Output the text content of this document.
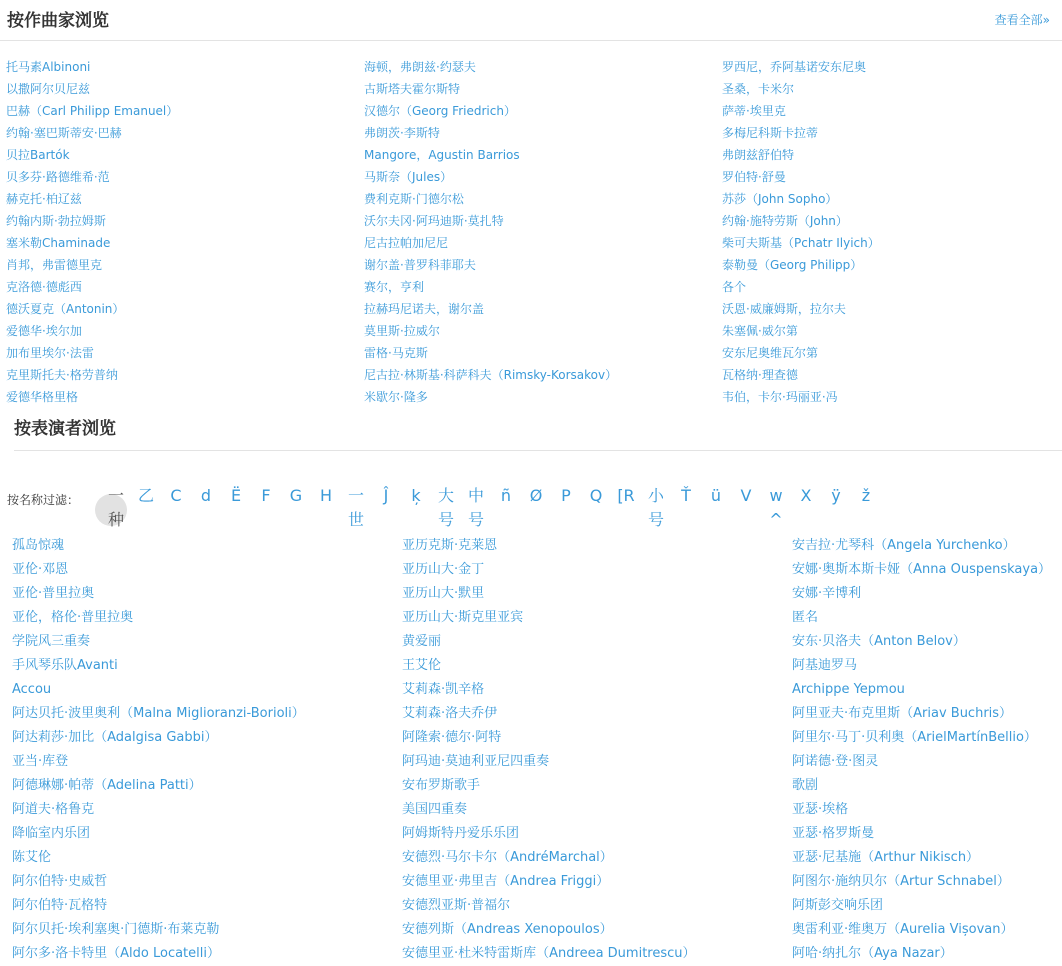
按作曲家浏览	查看全部»
托马素Albinoni	海顿，弗朗兹·约瑟夫	罗西尼，乔阿基诺安东尼奥
以撒阿尔贝尼兹	古斯塔夫霍尔斯特	圣桑，卡米尔
巴赫（Carl Philipp Emanuel）	汉德尔（Georg Friedrich）	萨蒂·埃里克
约翰·塞巴斯蒂安·巴赫	弗朗茨·李斯特	多梅尼科斯卡拉蒂
贝拉Bartók	Mangore，Agustin Barrios	弗朗兹舒伯特
贝多芬·路德维希·范	马斯奈（Jules）	罗伯特·舒曼
赫克托·柏辽兹	费利克斯·门德尔松	苏莎（John Sopho）
约翰内斯·勃拉姆斯	沃尔夫冈·阿玛迪斯·莫扎特	约翰·施特劳斯（John）
塞米勒Chaminade	尼古拉帕加尼尼	柴可夫斯基（Pchatr Ilyich）
肖邦，弗雷德里克	谢尔盖·普罗科菲耶夫	泰勒曼（Georg Philipp）
克洛德·德彪西	赛尔，亨利	各个
德沃夏克（Antonin）	拉赫玛尼诺夫，谢尔盖	沃恩·威廉姆斯，拉尔夫
爱德华·埃尔加	莫里斯·拉威尔	朱塞佩·威尔第
加布里埃尔·法雷	雷格·马克斯	安东尼奥维瓦尔第
克里斯托夫·格劳普纳	尼古拉·林斯基·科萨科夫（Rimsky-Korsakov）	瓦格纳·理查德
爱德华格里格	米歇尔·隆多	韦伯，卡尔·玛丽亚·冯
按表演者浏览
按名称过滤：	一
种
乙	C	d	Ë	F	G	H 一
世
Ĵ	ķ	大
号
中
号
ñ	Ø	P	Q [R 小
号
Ť	ü	V	w
^
X	ÿ	ž
孤岛惊魂	亚历克斯·克莱恩	安吉拉·尤琴科（Angela Yurchenko）
亚伦·邓恩	亚历山大·金丁	安娜·奥斯本斯卡娅（Anna Ouspenskaya）
亚伦·普里拉奥	亚历山大·默里	安娜·辛博利
亚伦，格伦·普里拉奥	亚历山大·斯克里亚宾	匿名
学院风三重奏	黄爱丽	安东·贝洛夫（Anton Belov）
手风琴乐队Avanti	王艾伦	阿基迪罗马
Accou	艾莉森·凯辛格	Archippe Yepmou
阿达贝托·波里奥利（Malna Miglioranzi-Borioli）	艾莉森·洛夫乔伊	阿里亚夫·布克里斯（Ariav Buchris）
阿达莉莎·加比（Adalgisa Gabbi）	阿隆索·德尔·阿特	阿里尔·马丁·贝利奥（ArielMartínBellio）
亚当·库登	阿玛迪·莫迪利亚尼四重奏	阿诺德·登·图灵
阿德琳娜·帕蒂（Adelina Patti）	安布罗斯歌手	歌剧
阿道夫·格鲁克	美国四重奏	亚瑟·埃格
降临室内乐团	阿姆斯特丹爱乐乐团	亚瑟·格罗斯曼
陈艾伦	安德烈·马尔卡尔（AndréMarchal）	亚瑟·尼基施（Arthur Nikisch）
阿尔伯特·史威哲	安德里亚·弗里吉（Andrea Friggi）	阿图尔·施纳贝尔（Artur Schnabel）
阿尔伯特·瓦格特	安德烈亚斯·普福尔	阿斯彭交响乐团
阿尔贝托·埃利塞奥·门德斯·布莱克勒	安德列斯（Andreas Xenopoulos）	奥雷利亚·维奥万（Aurelia Vișovan）
阿尔多·洛卡特里（Aldo Locatelli）	安德里亚·杜米特雷斯库（Andreea Dumitrescu）	阿哈·纳扎尔（Aya Nazar）
